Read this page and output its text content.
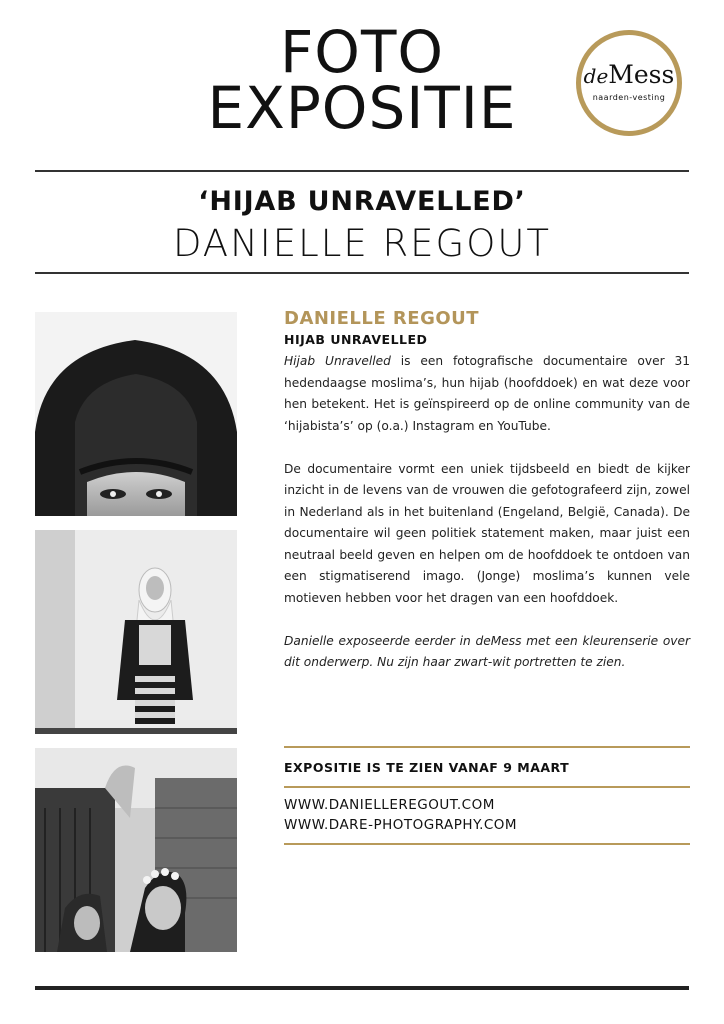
FOTO
EXPOSITIE	deMess
naarden-vesting
‘HIJAB UNRAVELLED’
DANIELLE REGOUT
DANIELLE REGOUT
HIJAB UNRAVELLED

Hijab Unravelled is een fotografische documentaire over 31 hedendaagse moslima’s, hun hijab (hoofddoek) en wat deze voor hen betekent. Het is geïnspireerd op de online community van de ‘hijabista’s’ op (o.a.) Instagram en YouTube.

De documentaire vormt een uniek tijdsbeeld en biedt de kijker inzicht in de levens van de vrouwen die gefotografeerd zijn, zowel in Nederland als in het buitenland (Engeland, België, Canada). De documentaire wil geen politiek statement maken, maar juist een neutraal beeld geven en helpen om de hoofddoek te ontdoen van een stigmatiserend imago. (Jonge) moslima’s kunnen vele motieven hebben voor het dragen van een hoofddoek.

Danielle exposeerde eerder in deMess met een kleurenserie over dit onderwerp. Nu zijn haar zwart-wit portretten te zien.

EXPOSITIE IS TE ZIEN VANAF 9 MAART
WWW.DANIELLEREGOUT.COM
WWW.DARE-PHOTOGRAPHY.COM
